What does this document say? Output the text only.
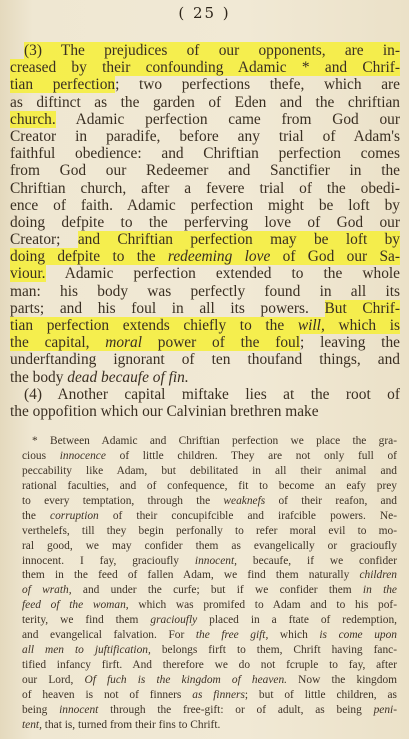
( 25 )
(3) The prejudices of our opponents, are in-
creased by their confounding Adamic * and Chrif-
tian perfection; two perfections thefe, which are
as diftinct as the garden of Eden and the chriftian
church. Adamic perfection came from God our
Creator in paradife, before any trial of Adam's
faithful obedience: and Chriftian perfection comes
from God our Redeemer and Sanctifier in the
Chriftian church, after a fevere trial of the obedi-
ence of faith. Adamic perfection might be loft by
doing defpite to the perferving love of God our
Creator; and Chriftian perfection may be loft by
doing defpite to the redeeming love of God our Sa-
viour. Adamic perfection extended to the whole
man: his body was perfectly found in all its
parts; and his foul in all its powers. But Chrif-
tian perfection extends chiefly to the will, which is
the capital, moral power of the foul; leaving the
underftanding ignorant of ten thoufand things, and
the body dead becaufe of fin.
(4) Another capital miftake lies at the root of
the oppofition which our Calvinian brethren make
* Between Adamic and Chriftian perfection we place the gra-
cious innocence of little children. They are not only full of
peccability like Adam, but debilitated in all their animal and
rational faculties, and of confequence, fit to become an eafy prey
to every temptation, through the weaknefs of their reafon, and
the corruption of their concupifcible and irafcible powers. Ne-
verthelefs, till they begin perfonally to refer moral evil to mo-
ral good, we may confider them as evangelically or gracioufly
innocent. I fay, gracioufly innocent, becaufe, if we confider
them in the feed of fallen Adam, we find them naturally children
of wrath, and under the curfe; but if we confider them in the
feed of the woman, which was promifed to Adam and to his pof-
terity, we find them gracioufly placed in a ftate of redemption,
and evangelical falvation. For the free gift, which is come upon
all men to juftification, belongs firft to them, Chrift having fanc-
tified infancy firft. And therefore we do not fcruple to fay, after
our Lord, Of fuch is the kingdom of heaven. Now the kingdom
of heaven is not of finners as finners; but of little children, as
being innocent through the free-gift: or of adult, as being peni-
tent, that is, turned from their fins to Chrift.
